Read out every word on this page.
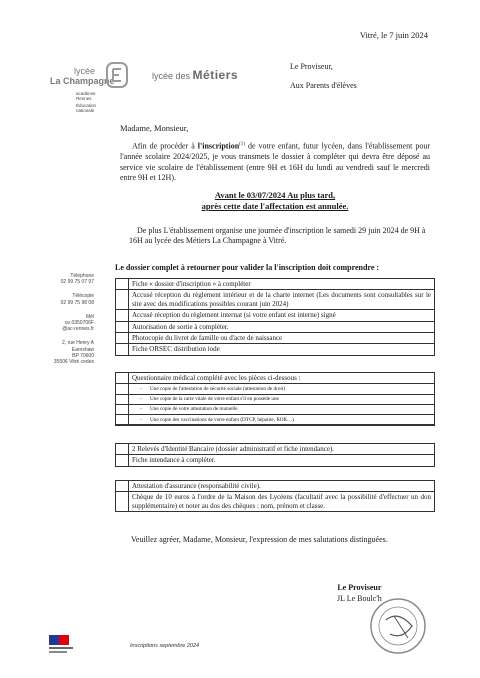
Vitré, le 7 juin 2024
lycée
La Champagne
académie
Rennes
Éducation
nationale
lycée des Métiers
Le Proviseur,
Aux Parents d'élèves
Téléphone
02 99 75 07 97
Télécopie
02 99 75 98 08
Mél
ce.0350706F
@ac-rennes.fr
2, rue Henry A
Earnshaw
BP 70600
35506 Vitré cedex
Madame, Monsieur,
Afin de procéder à l'inscription$^{(1)}$ de votre enfant, futur lycéen, dans l'établissement pour l'année scolaire 2024/2025, je vous transmets le dossier à compléter qui devra être déposé au service vie scolaire de l'établissement (entre 9H et 16H du lundi au vendredi sauf le mercredi entre 9H et 12H).
Avant le 03/07/2024 Au plus tard,
après cette date l'affectation est annulée.
De plus L'établissement organise une journée d'inscription le samedi 29 juin 2024 de 9H à 16H au lycée des Métiers La Champagne à Vitré.
Le dossier complet à retourner pour valider la l'inscription doit comprendre :
Fiche « dossier d'inscription » à compléter
Accusé réception du règlement intérieur et de la charte internet (Les documents sont consultables sur le site avec des modifications possibles courant juin 2024)
Accusé réception du règlement internat (si votre enfant est interne) signé
Autorisation de sortie à compléter.
Photocopie du livret de famille ou d'acte de naissance
Fiche ORSEC distribution iode
Questionnaire médical complété avec les pièces ci-dessous :
- Une copie de l'attestation de sécurité sociale (attestation de droit)
- Une copie de la carte vitale de votre enfant s'il en possède une
- Une copie de votre attestation de mutuelle
- Une copie des vaccinations de votre enfant (DTCP, hépatite, ROR…)
2 Relevés d'Identité Bancaire (dossier administratif et fiche intendance).
Fiche intendance à compléter.
Attestation d'assurance (responsabilité civile).
Chèque de 10 euros à l'ordre de la Maison des Lycéens (facultatif avec la possibilité d'effectuer un don supplémentaire) et noter au dos des chèques : nom, prénom et classe.
Veuillez agréer, Madame, Monsieur, l'expression de mes salutations distinguées.
Le Proviseur
JL Le Boulc'h
Inscriptions septembre 2024
